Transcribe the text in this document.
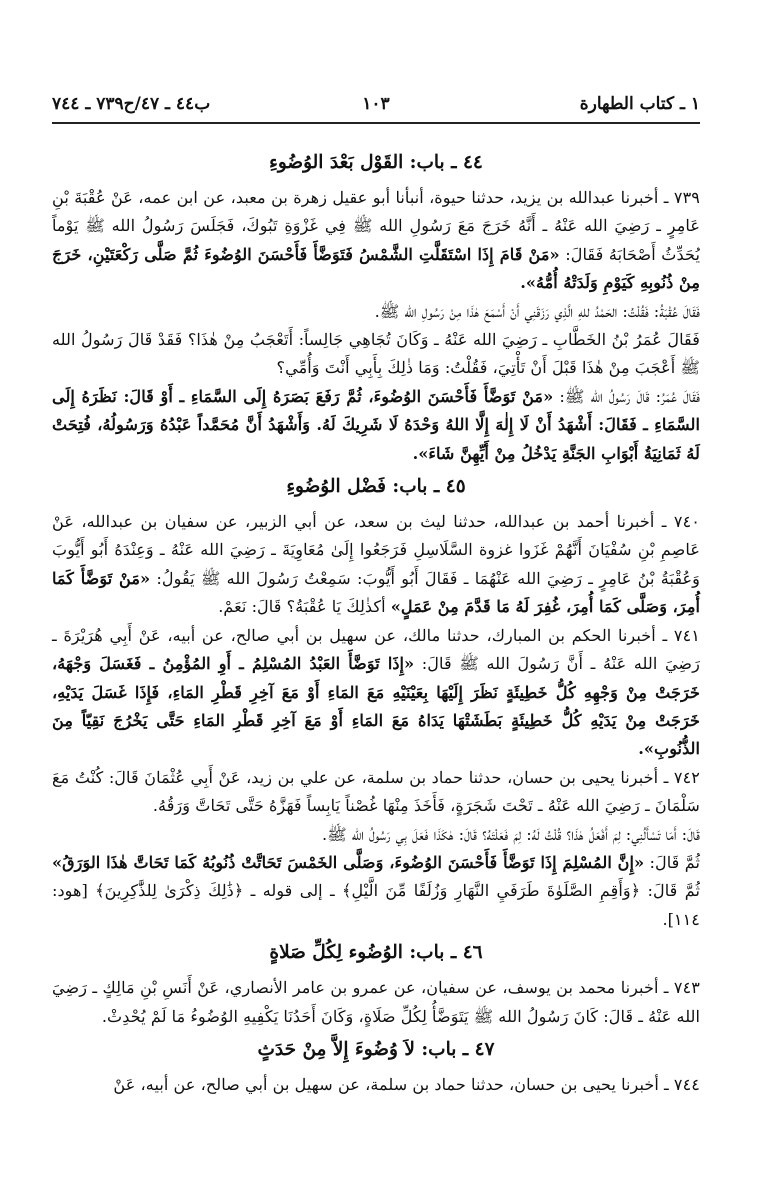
١ ـ كتاب الطهارة
١٠٣
ب٤٤ ـ ٤٧/ح٧٣٩ ـ ٧٤٤
٤٤ ـ باب: القَوْل بَعْدَ الوُضُوءِ

٧٣٩ ـ أخبرنا عبدالله بن يزيد، حدثنا حيوة، أنبأنا أبو عقيل زهرة بن معبد، عن ابن عمه، عَنْ عُقْبَةَ بْنِ عَامِرٍ ـ رَضِيَ الله عَنْهُ ـ أَنَّهُ خَرَجَ مَعَ رَسُولِ الله ﷺ فِي غَزْوَةِ تَبُوكَ، فَجَلَسَ رَسُولُ الله ﷺ يَوْماً يُحَدِّثُ أَصْحَابَهُ فَقَالَ: «مَنْ قَامَ إِذَا اسْتَقَلَّتِ الشَّمْسُ فَتَوَضَّأَ فَأَحْسَنَ الوُضُوءَ ثُمَّ صَلَّى رَكْعَتَيْنِ، خَرَجَ مِنْ ذُنُوبِهِ كَيَوْمِ وَلَدَتْهُ أُمُّهُ».

فَقَالَ عُقْبَةُ: فَقُلْتُ: الحَمْدُ للهِ الَّذِي رَزَقَنِي أَنْ أَسْمَعَ هٰذَا مِنْ رَسُولِ الله ﷺ.

فَقَالَ عُمَرُ بْنُ الخَطَّابِ ـ رَضِيَ الله عَنْهُ ـ وَكَانَ تُجَاهِي جَالِساً: أَتَعْجَبُ مِنْ هٰذَا؟ فَقَدْ قَالَ رَسُولُ الله ﷺ أَعْجَبَ مِنْ هٰذَا قَبْلَ أَنْ تَأْتِيَ، فَقُلْتُ: وَمَا ذٰلِكَ بِأَبِي أَنْتَ وَأُمِّي؟

فَقَالَ عُمَرُ: قَالَ رَسُولُ الله ﷺ: «مَنْ تَوَضَّأَ فَأَحْسَنَ الوُضُوءَ، ثُمَّ رَفَعَ بَصَرَهُ إِلَى السَّمَاءِ ـ أَوْ قَالَ: نَظَرَهُ إِلَى السَّمَاءِ ـ فَقَالَ: أَشْهَدُ أَنْ لَا إِلٰهَ إِلَّا اللهُ وَحْدَهُ لَا شَرِيكَ لَهُ. وَأَشْهَدُ أَنَّ مُحَمَّداً عَبْدُهُ وَرَسُولُهُ، فُتِحَتْ لَهُ ثَمَانِيَةُ أَبْوَابِ الجَنَّةِ يَدْخُلُ مِنْ أَيِّهِنَّ شَاءَ».

٤٥ ـ باب: فَضْل الوُضُوءِ

٧٤٠ ـ أخبرنا أحمد بن عبدالله، حدثنا ليث بن سعد، عن أبي الزبير، عن سفيان بن عبدالله، عَنْ عَاصِمِ بْنِ سُفْيَانَ أَنَّهُمْ غَزَوا غزوة السَّلَاسِلِ فَرَجَعُوا إِلَىٰ مُعَاوِيَةَ ـ رَضِيَ الله عَنْهُ ـ وَعِنْدَهُ أَبُو أَيُّوبَ وَعُقْبَةُ بْنُ عَامِرٍ ـ رَضِيَ الله عَنْهُمَا ـ فَقَالَ أَبُو أَيُّوبَ: سَمِعْتُ رَسُولَ الله ﷺ يَقُولُ: «مَنْ تَوَضَّأَ كَمَا أُمِرَ، وَصَلَّى كَمَا أُمِرَ، غُفِرَ لَهُ مَا قَدَّمَ مِنْ عَمَلٍ» أكذٰلِكَ يَا عُقْبَةُ؟ قَالَ: نَعَمْ.

٧٤١ ـ أخبرنا الحكم بن المبارك، حدثنا مالك، عن سهيل بن أبي صالح، عن أبيه، عَنْ أَبِي هُرَيْرَةَ ـ رَضِيَ الله عَنْهُ ـ أَنَّ رَسُولَ الله ﷺ قَالَ: «إِذَا تَوَضَّأَ العَبْدُ المُسْلِمُ ـ أَوِ المُؤْمِنُ ـ فَغَسَلَ وَجْهَهُ، خَرَجَتْ مِنْ وَجْهِهِ كُلُّ خَطِيئَةٍ نَظَرَ إِلَيْهَا بِعَيْنَيْهِ مَعَ المَاءِ أَوْ مَعَ آخِرِ قَطْرِ المَاءِ، فَإِذَا غَسَلَ يَدَيْهِ، خَرَجَتْ مِنْ يَدَيْهِ كُلُّ خَطِيئَةٍ بَطَشَتْهَا يَدَاهُ مَعَ المَاءِ أَوْ مَعَ آخِرِ قَطْرِ المَاءِ حَتَّى يَخْرُجَ نَقِيّاً مِنَ الذُّنُوبِ».

٧٤٢ ـ أخبرنا يحيى بن حسان، حدثنا حماد بن سلمة، عن علي بن زيد، عَنْ أَبِي عُثْمَانَ قَالَ: كُنْتُ مَعَ سَلْمَانَ ـ رَضِيَ الله عَنْهُ ـ تَحْتَ شَجَرَةٍ، فَأَخَذَ مِنْهَا غُصْناً يَابِساً فَهَزَّهُ حَتَّى تَحَاتَّ وَرَقُهُ.

قَالَ: أَمَا تَسْأَلُنِي: لِمَ أَفْعَلُ هٰذَا؟ قُلْتُ لَهُ: لِمَ فَعَلْتَهُ؟ قَالَ: هٰكَذَا فَعَلَ بِي رَسُولُ الله ﷺ.

ثُمَّ قَالَ: «إِنَّ المُسْلِمَ إِذَا تَوَضَّأَ فَأَحْسَنَ الوُضُوءَ، وَصَلَّى الخَمْسَ تَحَاتَّتْ ذُنُوبُهُ كَمَا تَحَاتَّ هٰذَا الوَرَقُ» ثُمَّ قَالَ: ﴿وَأَقِمِ الصَّلَوٰةَ طَرَفَيِ النَّهَارِ وَزُلَفًا مِّنَ الَّيْلِ﴾ ـ إلى قوله ـ ﴿ذَٰلِكَ ذِكْرَىٰ لِلذَّٰكِرِينَ﴾ [هود: ١١٤].

٤٦ ـ باب: الوُضُوء لِكُلِّ صَلاةٍ

٧٤٣ ـ أخبرنا محمد بن يوسف، عن سفيان، عن عمرو بن عامر الأنصاري، عَنْ أَنَسِ بْنِ مَالِكٍ ـ رَضِيَ الله عَنْهُ ـ قَالَ: كَانَ رَسُولُ الله ﷺ يَتَوَضَّأُ لِكُلِّ صَلَاةٍ، وَكَانَ أَحَدُنَا يَكْفِيهِ الوُضُوءُ مَا لَمْ يُحْدِثْ.

٤٧ ـ باب: لاَ وُضُوءَ إِلاَّ مِنْ حَدَثٍ

٧٤٤ ـ أخبرنا يحيى بن حسان، حدثنا حماد بن سلمة، عن سهيل بن أبي صالح، عن أبيه، عَنْ
